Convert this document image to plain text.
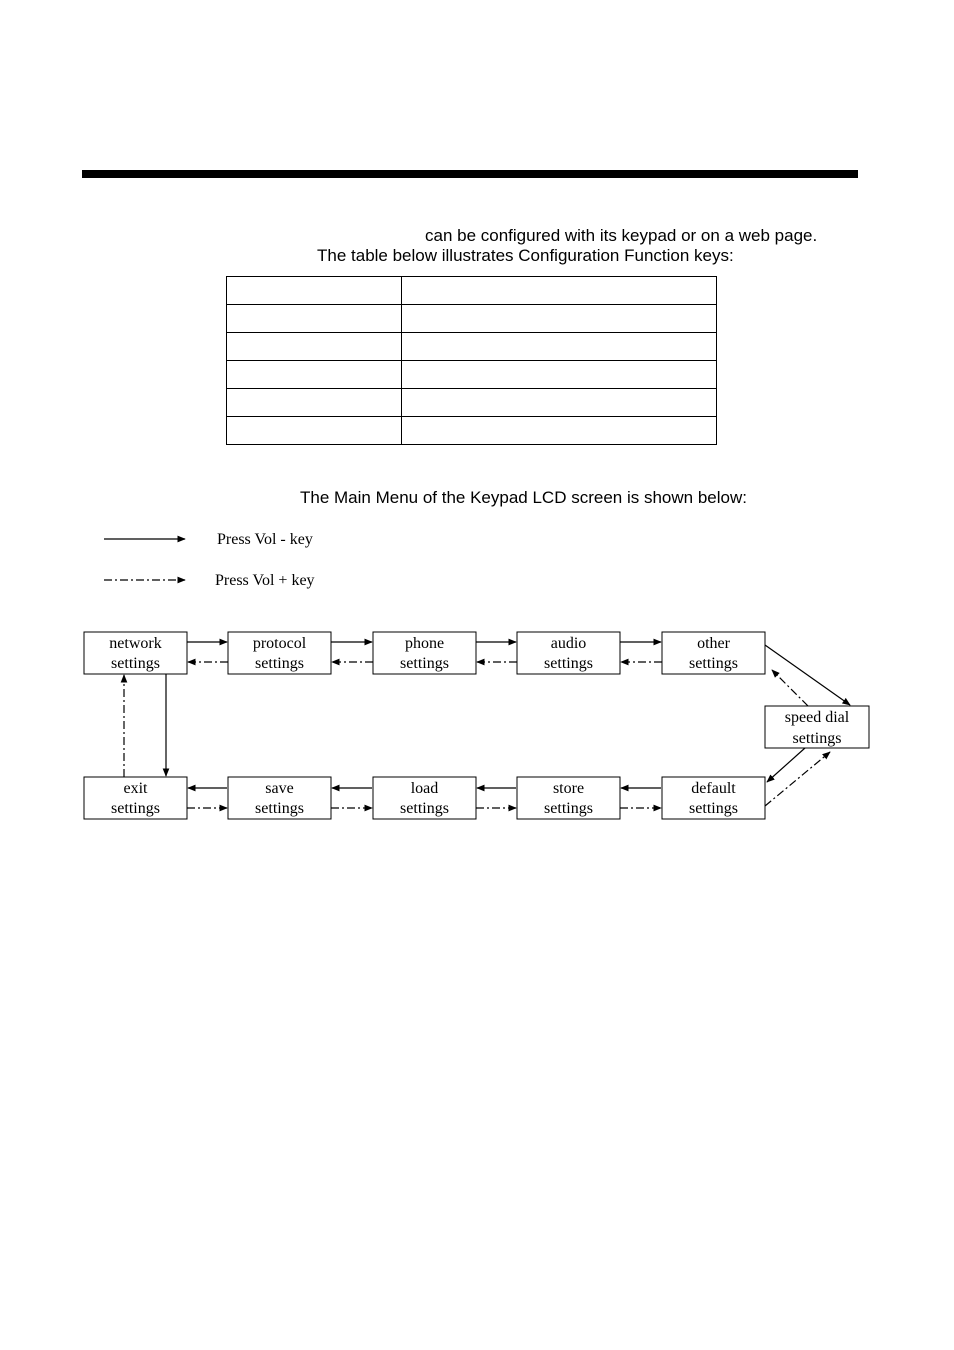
can be configured with its keypad or on a web page.
The table below illustrates Configuration Function keys:

The Main Menu of the Keypad LCD screen is shown below:
Press Vol - key
Press Vol + key
network
settings
protocol
settings
phone
settings
audio
settings
other
settings
speed dial
settings
default
settings
store
settings
load
settings
save
settings
exit
settings
